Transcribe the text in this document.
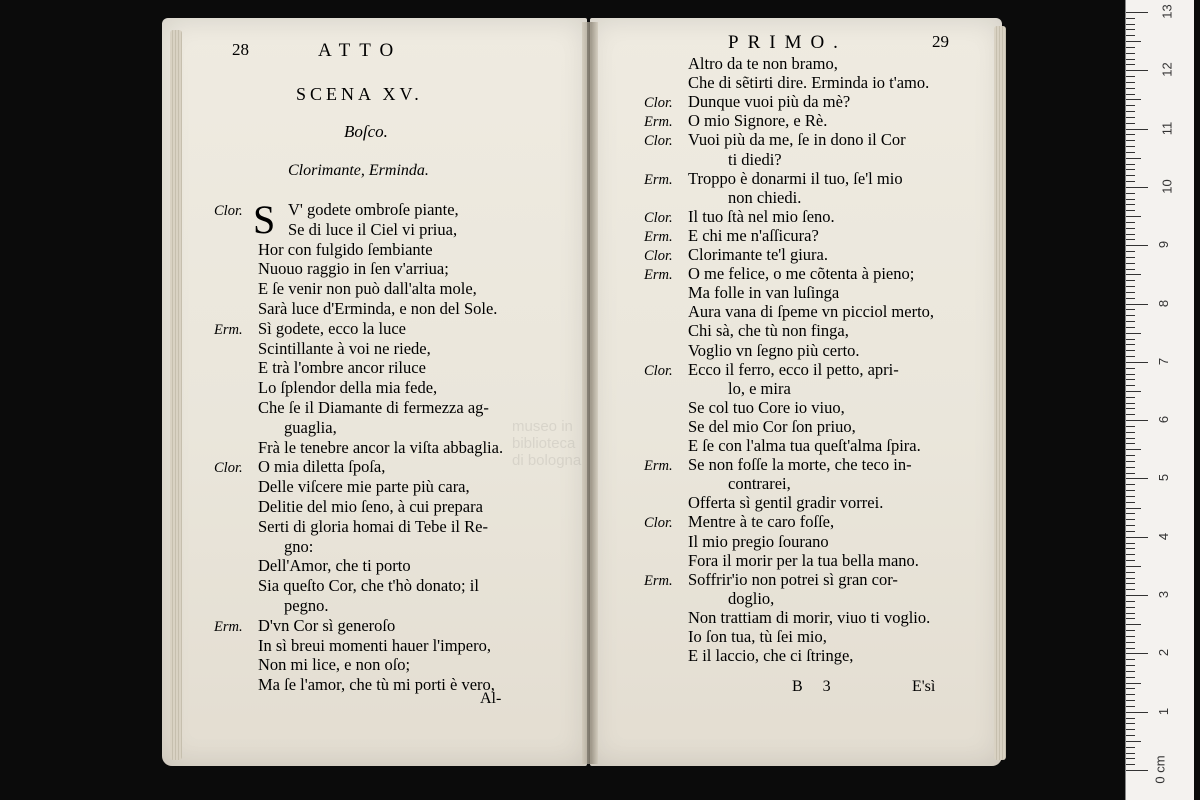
28	ATTO
SCENA XV.
Boſco.
Clorimante, Erminda.
S
Clor.	V' godete ombroſe piante,
Se di luce il Ciel vi priua,
Hor con fulgido ſembiante
Nuouo raggio in ſen v'arriua;
E ſe venir non può dall'alta mole,
Sarà luce d'Erminda, e non del Sole.
Erm. Sì godete, ecco la luce
Scintillante à voi ne riede,
E trà l'ombre ancor riluce
Lo ſplendor della mia fede,
Che ſe il Diamante di fermezza ag-
guaglia,
Frà le tenebre ancor la viſta abbaglia.
Clor. O mia diletta ſpoſa,
Delle viſcere mie parte più cara,
Delitie del mio ſeno, à cui prepara
Serti di gloria homai di Tebe il Re-
gno:
Dell'Amor, che ti porto
Sia queſto Cor, che t'hò donato; il
pegno.
Erm. D'vn Cor sì generoſo
In sì breui momenti hauer l'impero,
Non mi lice, e non oſo;
Ma ſe l'amor, che tù mi porti è vero,
Al-
PRIMO.	29
Altro da te non bramo,
Che di sẽtirti dire. Erminda io t'amo.
Clor. Dunque vuoi più da mè?
Erm. O mio Signore, e Rè.
Clor. Vuoi più da me, ſe in dono il Cor
ti diedi?
Erm. Troppo è donarmi il tuo, ſe'l mio
non chiedi.
Clor. Il tuo ſtà nel mio ſeno.
Erm. E chi me n'aſſicura?
Clor. Clorimante te'l giura.
Erm. O me felice, o me cõtenta à pieno;
Ma folle in van luſinga
Aura vana di ſpeme vn picciol merto,
Chi sà, che tù non finga,
Voglio vn ſegno più certo.
Clor. Ecco il ferro, ecco il petto, apri-
lo, e mira
Se col tuo Core io viuo,
Se del mio Cor ſon priuo,
E ſe con l'alma tua queſt'alma ſpira.
Erm. Se non foſſe la morte, che teco in-
contrarei,
Offerta sì gentil gradir vorrei.
Clor. Mentre à te caro foſſe,
Il mio pregio ſourano
Fora il morir per la tua bella mano.
Erm. Soffrir'io non potrei sì gran cor-
doglio,
Non trattiam di morir, viuo ti voglio.
Io ſon tua, tù ſei mio,
E il laccio, che ci ſtringe,
B 3	E'sì
0 cm
1
2
3
4
5
6
7
8
9
10
11
12
13
